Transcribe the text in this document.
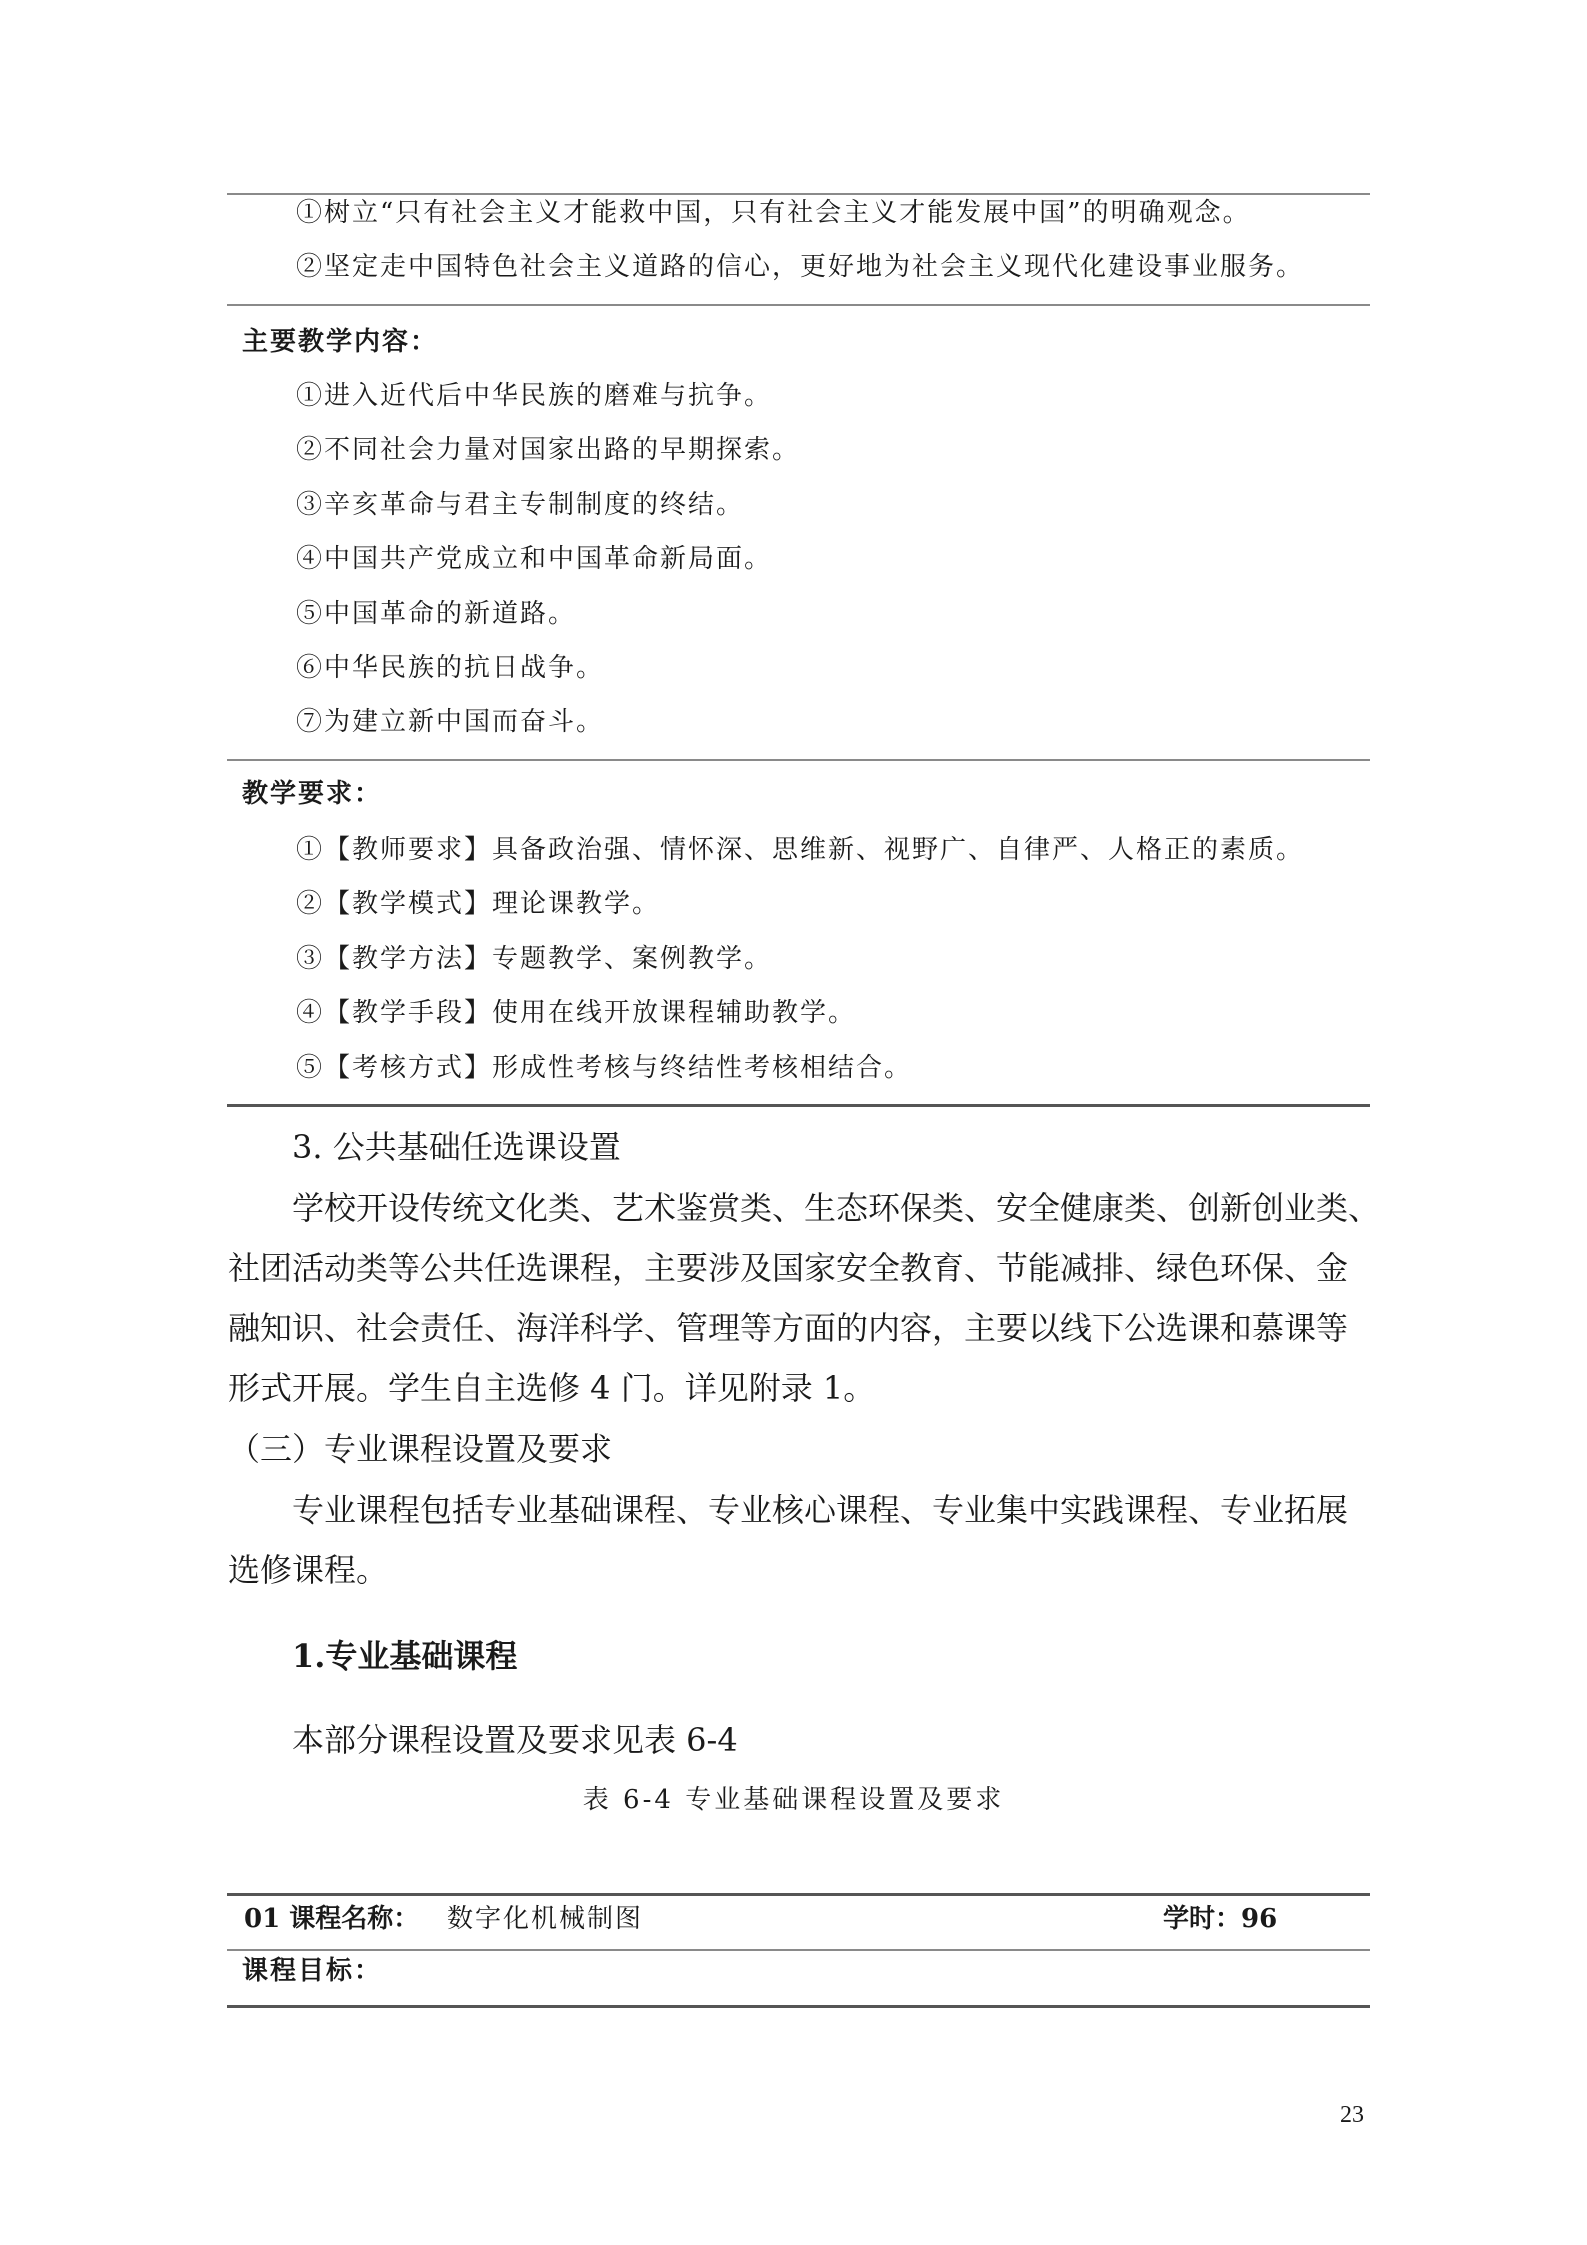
①树立“只有社会主义才能救中国，只有社会主义才能发展中国”的明确观念。
②坚定走中国特色社会主义道路的信心，更好地为社会主义现代化建设事业服务。
主要教学内容：
①进入近代后中华民族的磨难与抗争。
②不同社会力量对国家出路的早期探索。
③辛亥革命与君主专制制度的终结。
④中国共产党成立和中国革命新局面。
⑤中国革命的新道路。
⑥中华民族的抗日战争。
⑦为建立新中国而奋斗。
教学要求：
①【教师要求】具备政治强、情怀深、思维新、视野广、自律严、人格正的素质。
②【教学模式】理论课教学。
③【教学方法】专题教学、案例教学。
④【教学手段】使用在线开放课程辅助教学。
⑤【考核方式】形成性考核与终结性考核相结合。
3. 公共基础任选课设置
学校开设传统文化类、艺术鉴赏类、生态环保类、安全健康类、创新创业类、
社团活动类等公共任选课程，主要涉及国家安全教育、节能减排、绿色环保、金
融知识、社会责任、海洋科学、管理等方面的内容，主要以线下公选课和慕课等
形式开展。学生自主选修 4 门。详见附录 1。
（三）专业课程设置及要求
专业课程包括专业基础课程、专业核心课程、专业集中实践课程、专业拓展
选修课程。
1.专业基础课程
本部分课程设置及要求见表 6-4
表 6-4 专业基础课程设置及要求
01 课程名称： 数字化机械制图	学时：96
课程目标：
23
